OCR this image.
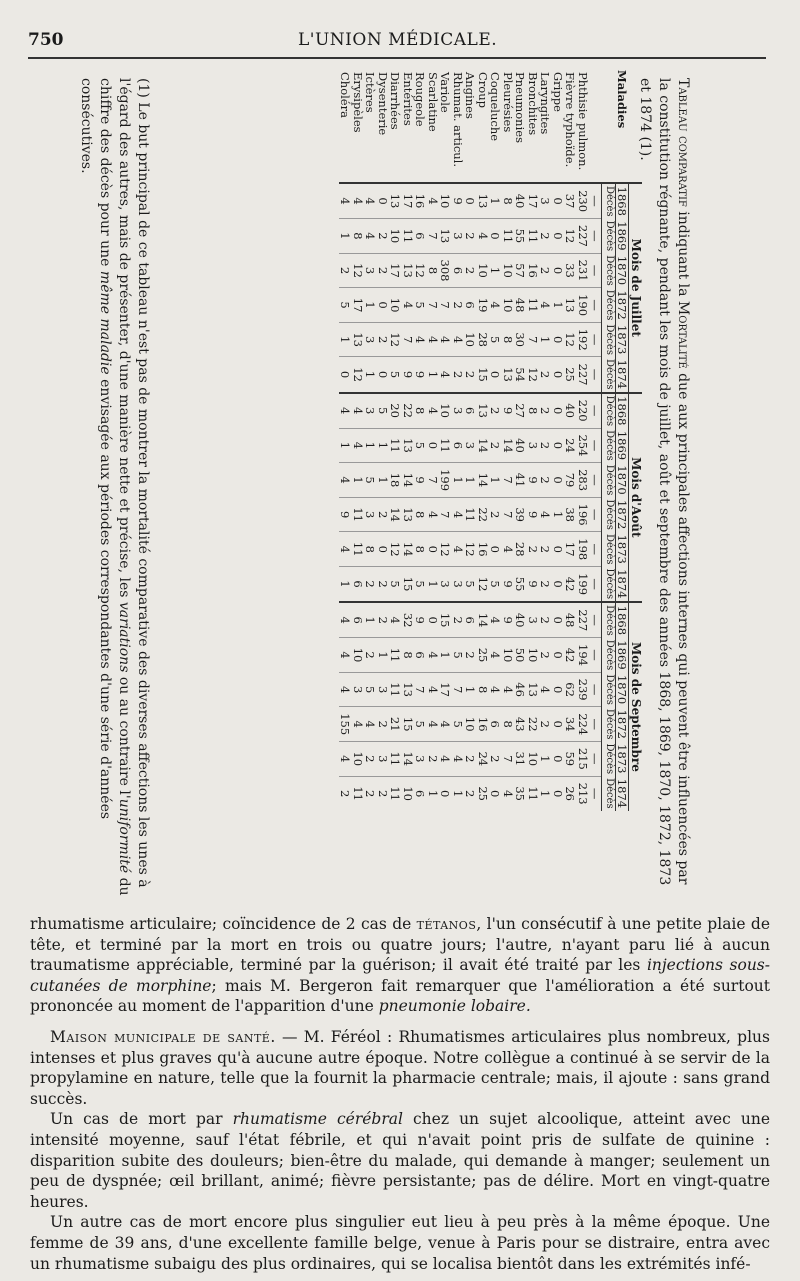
750	L'UNION MÉDICALE.
Tableau comparatif indiquant la Mortalité due aux principales affections internes qui peuvent être influencées par la constitution régnante, pendant les mois de juillet, août et septembre des années 1868, 1869, 1870, 1872, 1873 et 1874 (1).
Maladies	Mois de Juillet						Mois d'Août						Mois de Septembre					
	1868	1869	1870	1872	1873	1874	1868	1869	1870	1872	1873	1874	1868	1869	1870	1872	1873	1874
	Décès	Décès	Décès	Décès	Décès	Décès	Décès	Décès	Décès	Décès	Décès	Décès	Décès	Décès	Décès	Décès	Décès	Décès
	—	—	—	—	—	—	—	—	—	—	—	—	—	—	—	—	—	—
Phthisie pulmon.	230	227	231	190	192	227	220	254	283	196	198	199	227	194	239	224	215	213
Fièvre typhoïde.	37	12	33	13	12	25	40	24	79	38	17	42	48	42	62	34	59	26
Grippe	0	0	0	1	0	0	0	0	0	1	0	0	0	0	0	0	0	0
Laryngites	3	2	2	4	1	2	2	2	2	4	2	2	2	2	4	2	1	1
Bronchites	17	11	16	11	7	12	8	3	9	9	2	9	3	10	13	22	10	11
Pneumonies	40	55	57	48	30	54	27	40	41	39	28	55	40	50	46	43	31	35
Pleurésies	8	11	10	10	8	13	9	14	7	7	4	9	9	10	4	8	7	4
Coqueluche	1	0	1	4	5	0	2	2	1	2	0	5	4	4	4	6	2	0
Croup	13	4	10	19	28	15	13	14	14	22	16	12	14	25	8	16	24	25
Angines	0	2	2	6	10	2	6	3	1	11	12	5	6	2	1	10	2	2
Rhumat. articul.	9	3	6	2	4	2	3	6	1	4	4	3	2	5	7	5	4	1
Variole	10	13	308	7	4	4	10	11	199	7	12	3	15	1	17	4	4	0
Scarlatine	4	7	8	7	4	1	4	0	7	4	0	1	0	4	4	4	2	1
Rougeole	16	6	12	5	4	9	8	5	9	8	8	5	9	6	7	5	3	6
Entérites	17	11	13	4	7	9	22	13	14	13	14	15	32	8	13	15	14	10
Diarrhées	13	10	17	10	12	5	20	11	18	14	12	5	4	11	11	21	11	11
Dysenterie	0	2	2	0	2	0	5	1	1	2	0	2	2	1	3	2	3	2
Ictères	4	4	3	1	3	1	3	1	5	3	8	2	1	2	5	4	2	2
Erysipèles	4	8	12	17	13	12	4	4	1	11	11	6	6	10	3	4	10	11
Choléra	4	1	2	5	1	0	4	1	4	9	4	1	4	4	4	155	4	2
(1) Le but principal de ce tableau n'est pas de montrer la mortalité comparative des diverses affections les unes à l'égard des autres, mais de présenter, d'une manière nette et précise, les variations ou au contraire l'uniformité du chiffre des décès pour une même maladie envisagée aux périodes correspondantes d'une série d'années consécutives.

rhumatisme articulaire; coïncidence de 2 cas de tétanos, l'un consécutif à une petite plaie de tête, et terminé par la mort en trois ou quatre jours; l'autre, n'ayant paru lié à aucun traumatisme appréciable, terminé par la guérison; il avait été traité par les injections sous-cutanées de morphine; mais M. Bergeron fait remarquer que l'amélioration a été surtout prononcée au moment de l'apparition d'une pneumonie lobaire.

Maison municipale de santé. — M. Féréol : Rhumatismes articulaires plus nombreux, plus intenses et plus graves qu'à aucune autre époque. Notre collègue a continué à se servir de la propylamine en nature, telle que la fournit la pharmacie centrale; mais, il ajoute : sans grand succès.

Un cas de mort par rhumatisme cérébral chez un sujet alcoolique, atteint avec une intensité moyenne, sauf l'état fébrile, et qui n'avait point pris de sulfate de quinine : disparition subite des douleurs; bien-être du malade, qui demande à manger; seulement un peu de dyspnée; œil brillant, animé; fièvre persistante; pas de délire. Mort en vingt-quatre heures.

Un autre cas de mort encore plus singulier eut lieu à peu près à la même époque. Une femme de 39 ans, d'une excellente famille belge, venue à Paris pour se distraire, entra avec un rhumatisme subaigu des plus ordinaires, qui se localisa bientôt dans les extrémités infé-
